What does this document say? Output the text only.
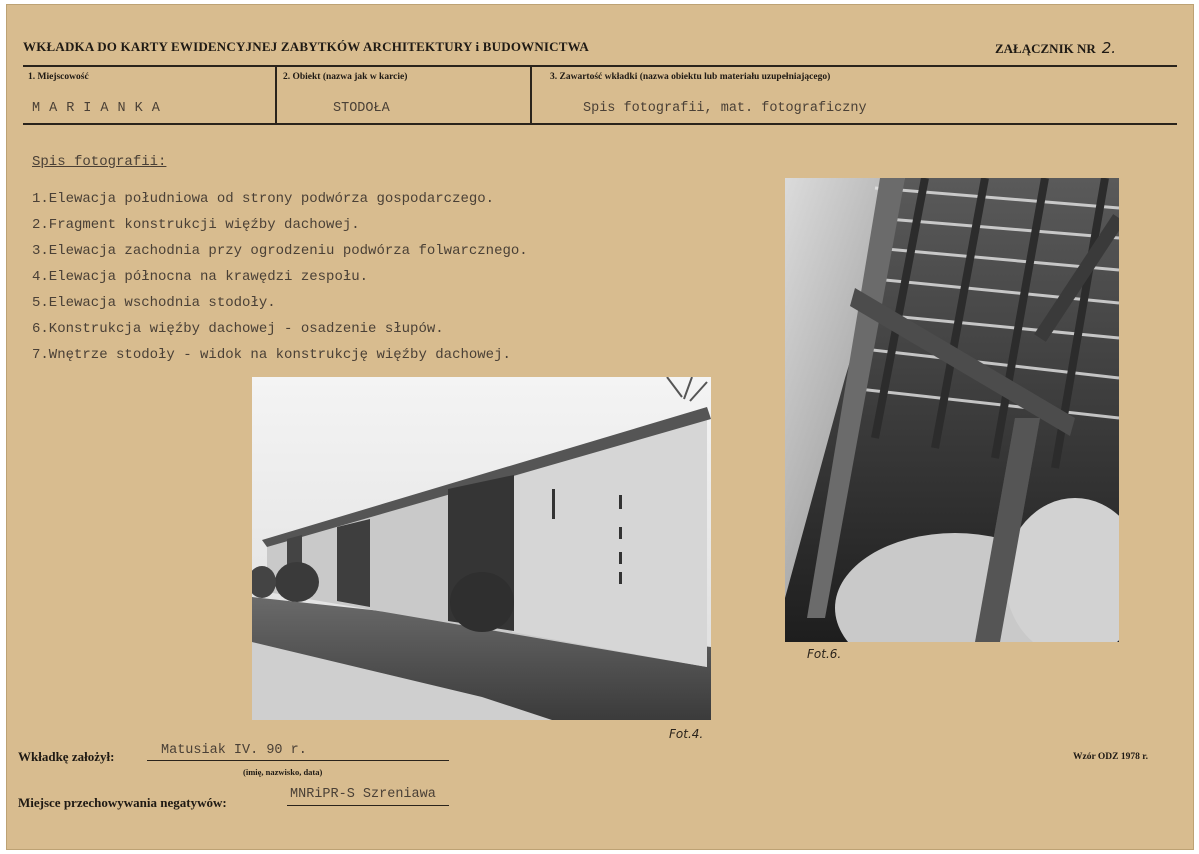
WKŁADKA DO KARTY EWIDENCYJNEJ ZABYTKÓW ARCHITEKTURY i BUDOWNICTWA	ZAŁĄCZNIK NR 2.
1. Miejscowość
MARIANKA
2. Obiekt (nazwa jak w karcie)
STODOŁA
3. Zawartość wkładki (nazwa obiektu lub materiału uzupełniającego)
Spis fotografii, mat. fotograficzny
Spis fotografii:
1.Elewacja południowa od strony podwórza gospodarczego.
2.Fragment konstrukcji więźby dachowej.
3.Elewacja zachodnia przy ogrodzeniu podwórza folwarcznego.
4.Elewacja północna na krawędzi zespołu.
5.Elewacja wschodnia stodoły.
6.Konstrukcja więźby dachowej - osadzenie słupów.
7.Wnętrze stodoły - widok na konstrukcję więźby dachowej.
Fot.4.
Fot.6.
Wkładkę założył:	Matusiak IV. 90 r.
(imię, nazwisko, data)
Wzór ODZ 1978 r.
Miejsce przechowywania negatywów:
MNRiPR-S Szreniawa
